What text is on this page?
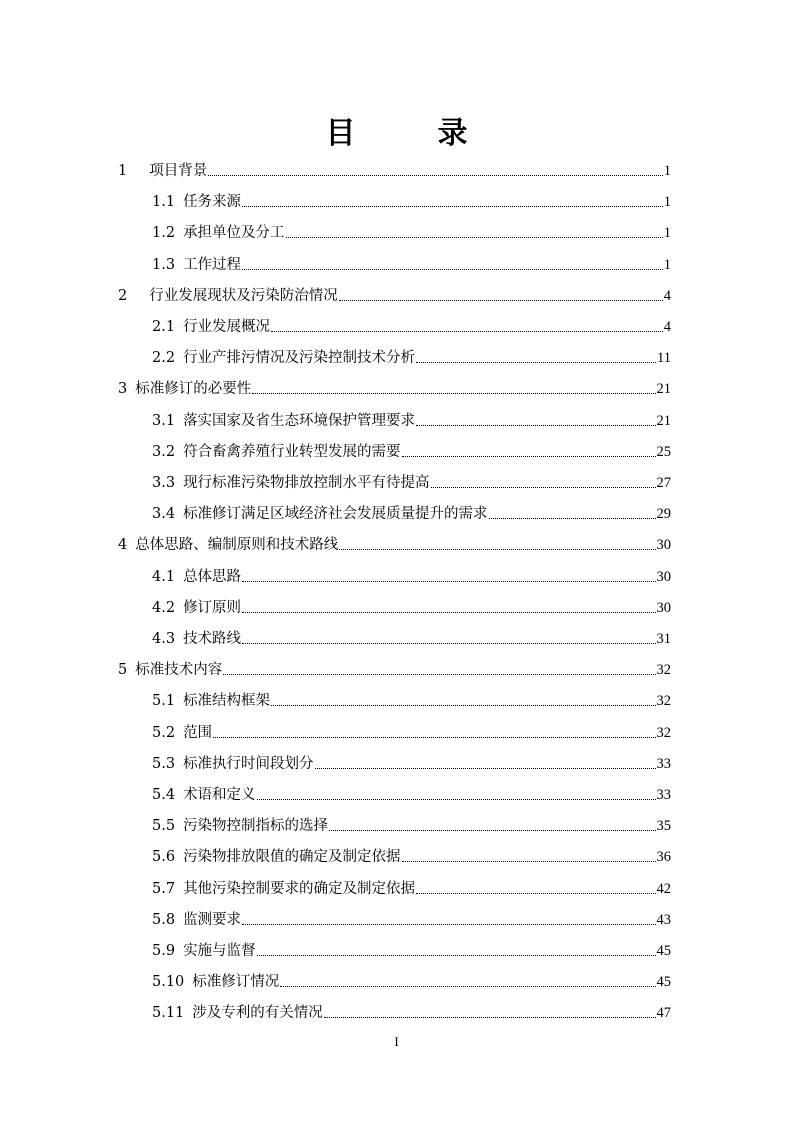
目　录
1 项目背景	1
1.1 任务来源	1
1.2 承担单位及分工	1
1.3 工作过程	1
2 行业发展现状及污染防治情况	4
2.1 行业发展概况	4
2.2 行业产排污情况及污染控制技术分析	11
3 标准修订的必要性	21
3.1 落实国家及省生态环境保护管理要求	21
3.2 符合畜禽养殖行业转型发展的需要	25
3.3 现行标准污染物排放控制水平有待提高	27
3.4 标准修订满足区域经济社会发展质量提升的需求	29
4 总体思路、编制原则和技术路线	30
4.1 总体思路	30
4.2 修订原则	30
4.3 技术路线	31
5 标准技术内容	32
5.1 标准结构框架	32
5.2 范围	32
5.3 标准执行时间段划分	33
5.4 术语和定义	33
5.5 污染物控制指标的选择	35
5.6 污染物排放限值的确定及制定依据	36
5.7 其他污染控制要求的确定及制定依据	42
5.8 监测要求	43
5.9 实施与监督	45
5.10 标准修订情况	45
5.11 涉及专利的有关情况	47
I
